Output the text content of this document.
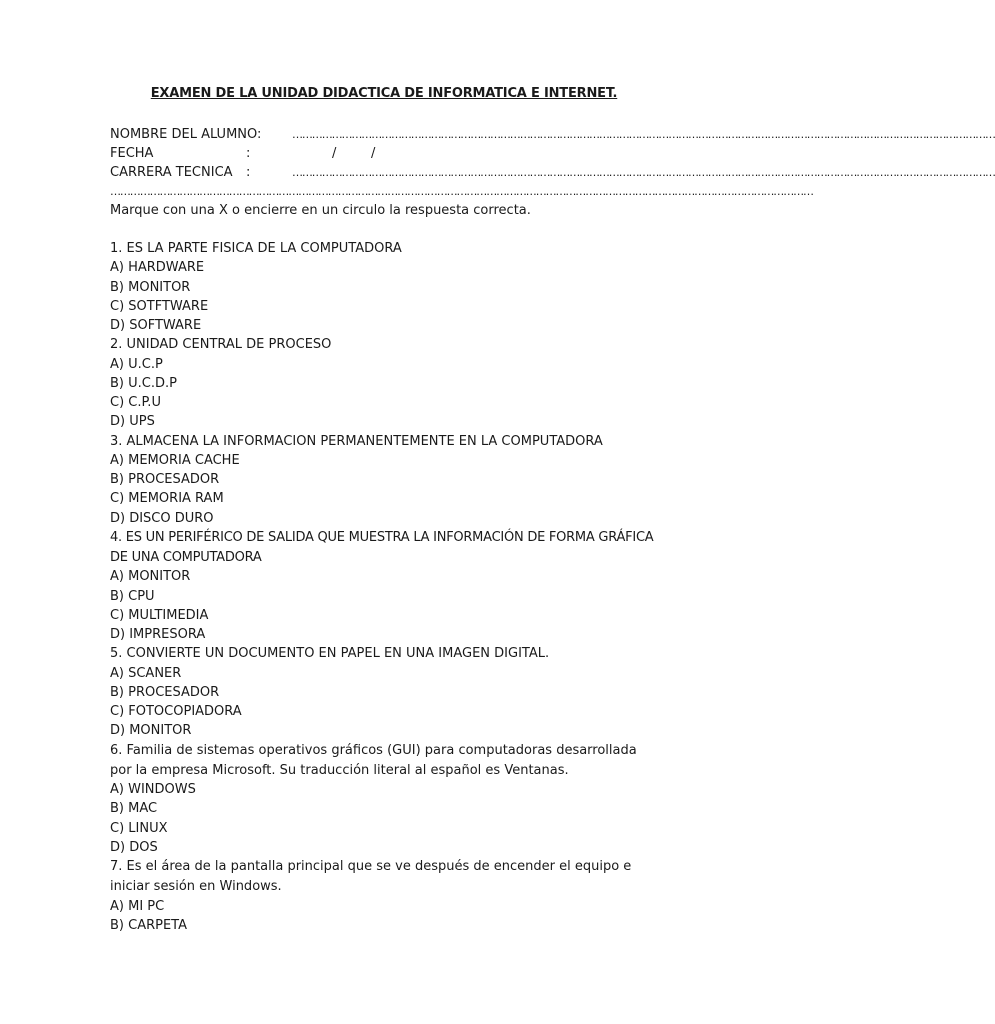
EXAMEN DE LA UNIDAD DIDACTICA DE INFORMATICA E INTERNET.
NOMBRE DEL ALUMNO:	……………………………………………………………………………………………………………………………………………………………………………………………
FECHA	:	/	/
CARRERA TECNICA :	……………………………………………………………………………………………………………………………………………………………………………………………
……………………………………………………………………………………………………………………………………………………………………………………………
Marque con una X o encierre en un circulo la respuesta correcta.
1. ES LA PARTE FISICA DE LA COMPUTADORA
A) HARDWARE
B) MONITOR
C) SOTFTWARE
D) SOFTWARE
2. UNIDAD CENTRAL DE PROCESO
A) U.C.P
B) U.C.D.P
C) C.P.U
D) UPS
3. ALMACENA LA INFORMACION PERMANENTEMENTE EN LA COMPUTADORA
A) MEMORIA CACHE
B) PROCESADOR
C) MEMORIA RAM
D) DISCO DURO
4. ES UN PERIFÉRICO DE SALIDA QUE MUESTRA LA INFORMACIÓN DE FORMA GRÁFICA DE UNA COMPUTADORA
A) MONITOR
B) CPU
C) MULTIMEDIA
D) IMPRESORA
5. CONVIERTE UN DOCUMENTO EN PAPEL EN UNA IMAGEN DIGITAL.
A) SCANER
B) PROCESADOR
C) FOTOCOPIADORA
D) MONITOR
6. Familia de sistemas operativos gráficos (GUI) para computadoras desarrollada por la empresa Microsoft. Su traducción literal al español es Ventanas.
A) WINDOWS
B) MAC
C) LINUX
D) DOS
7. Es el área de la pantalla principal que se ve después de encender el equipo e iniciar sesión en Windows.
A) MI PC
B) CARPETA
